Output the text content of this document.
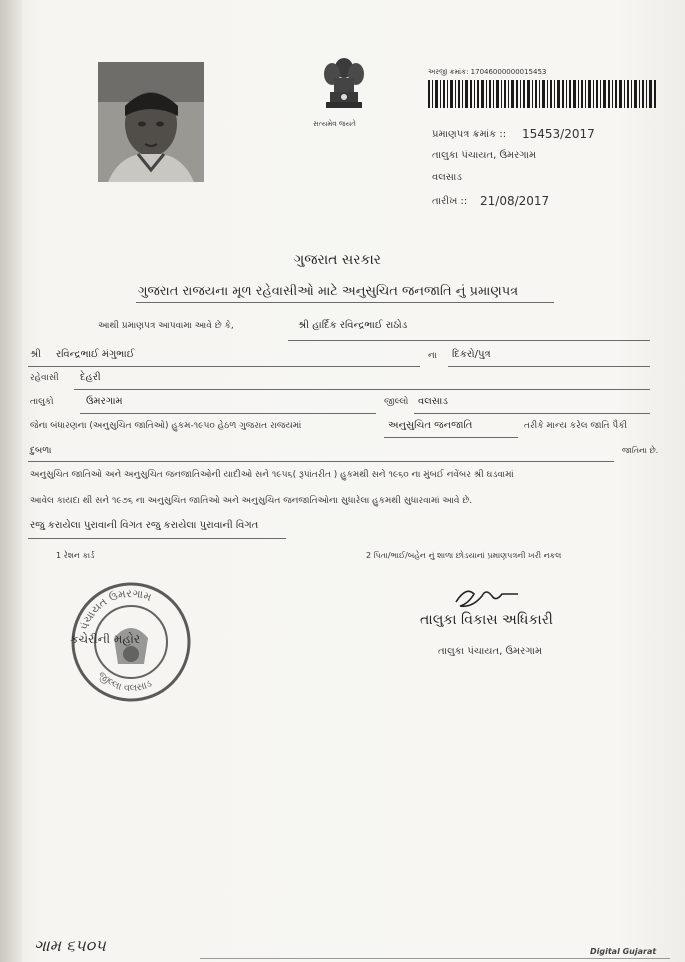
સત્યમેવ જયતે
અરજી ક્રમાંક: 17046000000015453
પ્રમાણપત્ર ક્રમાંક :: 15453/2017
તાલુકા પંચાયત, ઉમરગામ
વલસાડ
તારીખ :: 21/08/2017
ગુજરાત સરકાર
ગુજરાત રાજયના મૂળ રહેવાસીઓ માટે અનુસુચિત જનજાતિ નું પ્રમાણપત્ર
આથી પ્રમાણપત્ર આપવામા આવે છે કે,	શ્રી હાર્દિક રવિન્દ્રભાઈ રાઠોડ
શ્રી રવિન્દ્રભાઈ મંગુભાઈ	ના દિકરો/પુત્ર
રહેવાસી દેહરી
તાલુકો	ઉમરગામ	જીલ્લો વલસાડ
જેના બંધારણના (અનુસુચિત જાતિઓ) હુકમ-૧૯૫૦ હેઠળ ગુજરાત રાજયમાં	અનુસુચિત જનજાતિ	તરીકે માન્ય કરેલ જાતિ પૈકી
દુબળા	જાતિના છે.
અનુસુચિત જાતિઓ અને અનુસુચિત જનજાતિઓની યાદીઓ સને ૧૯૫૬( રૂપાંતરીત ) હુકમથી સને ૧૯૬૦ ના મુંબઈ નવેંબર શ્રી ઘડવામાં
આવેલ કાયદા થી સને ૧૯૭૬ ના અનુસુચિત જાતિઓ અને અનુસુચિત જનજાતિઓના સુધારેલા હુકમથી સુધારવામાં આવે છે.
રજુ કરાયેલા પુરાવાની વિગત રજુ કરાયેલા પુરાવાની વિગત
1 રેશન કાર્ડ	2 પિતા/ભાઈ/બહેન નું શાળા છોડયાનાં પ્રમાણપત્રની ખરી નકલ
પંચાયત ઉમરગામ
જીલ્લા વલસાડ
કચેરીની મહોર
તાલુકા વિકાસ અધિકારી
તાલુકા પંચાયત, ઉમરગામ
ગામ ૬૫૦૫	Digital Gujarat
